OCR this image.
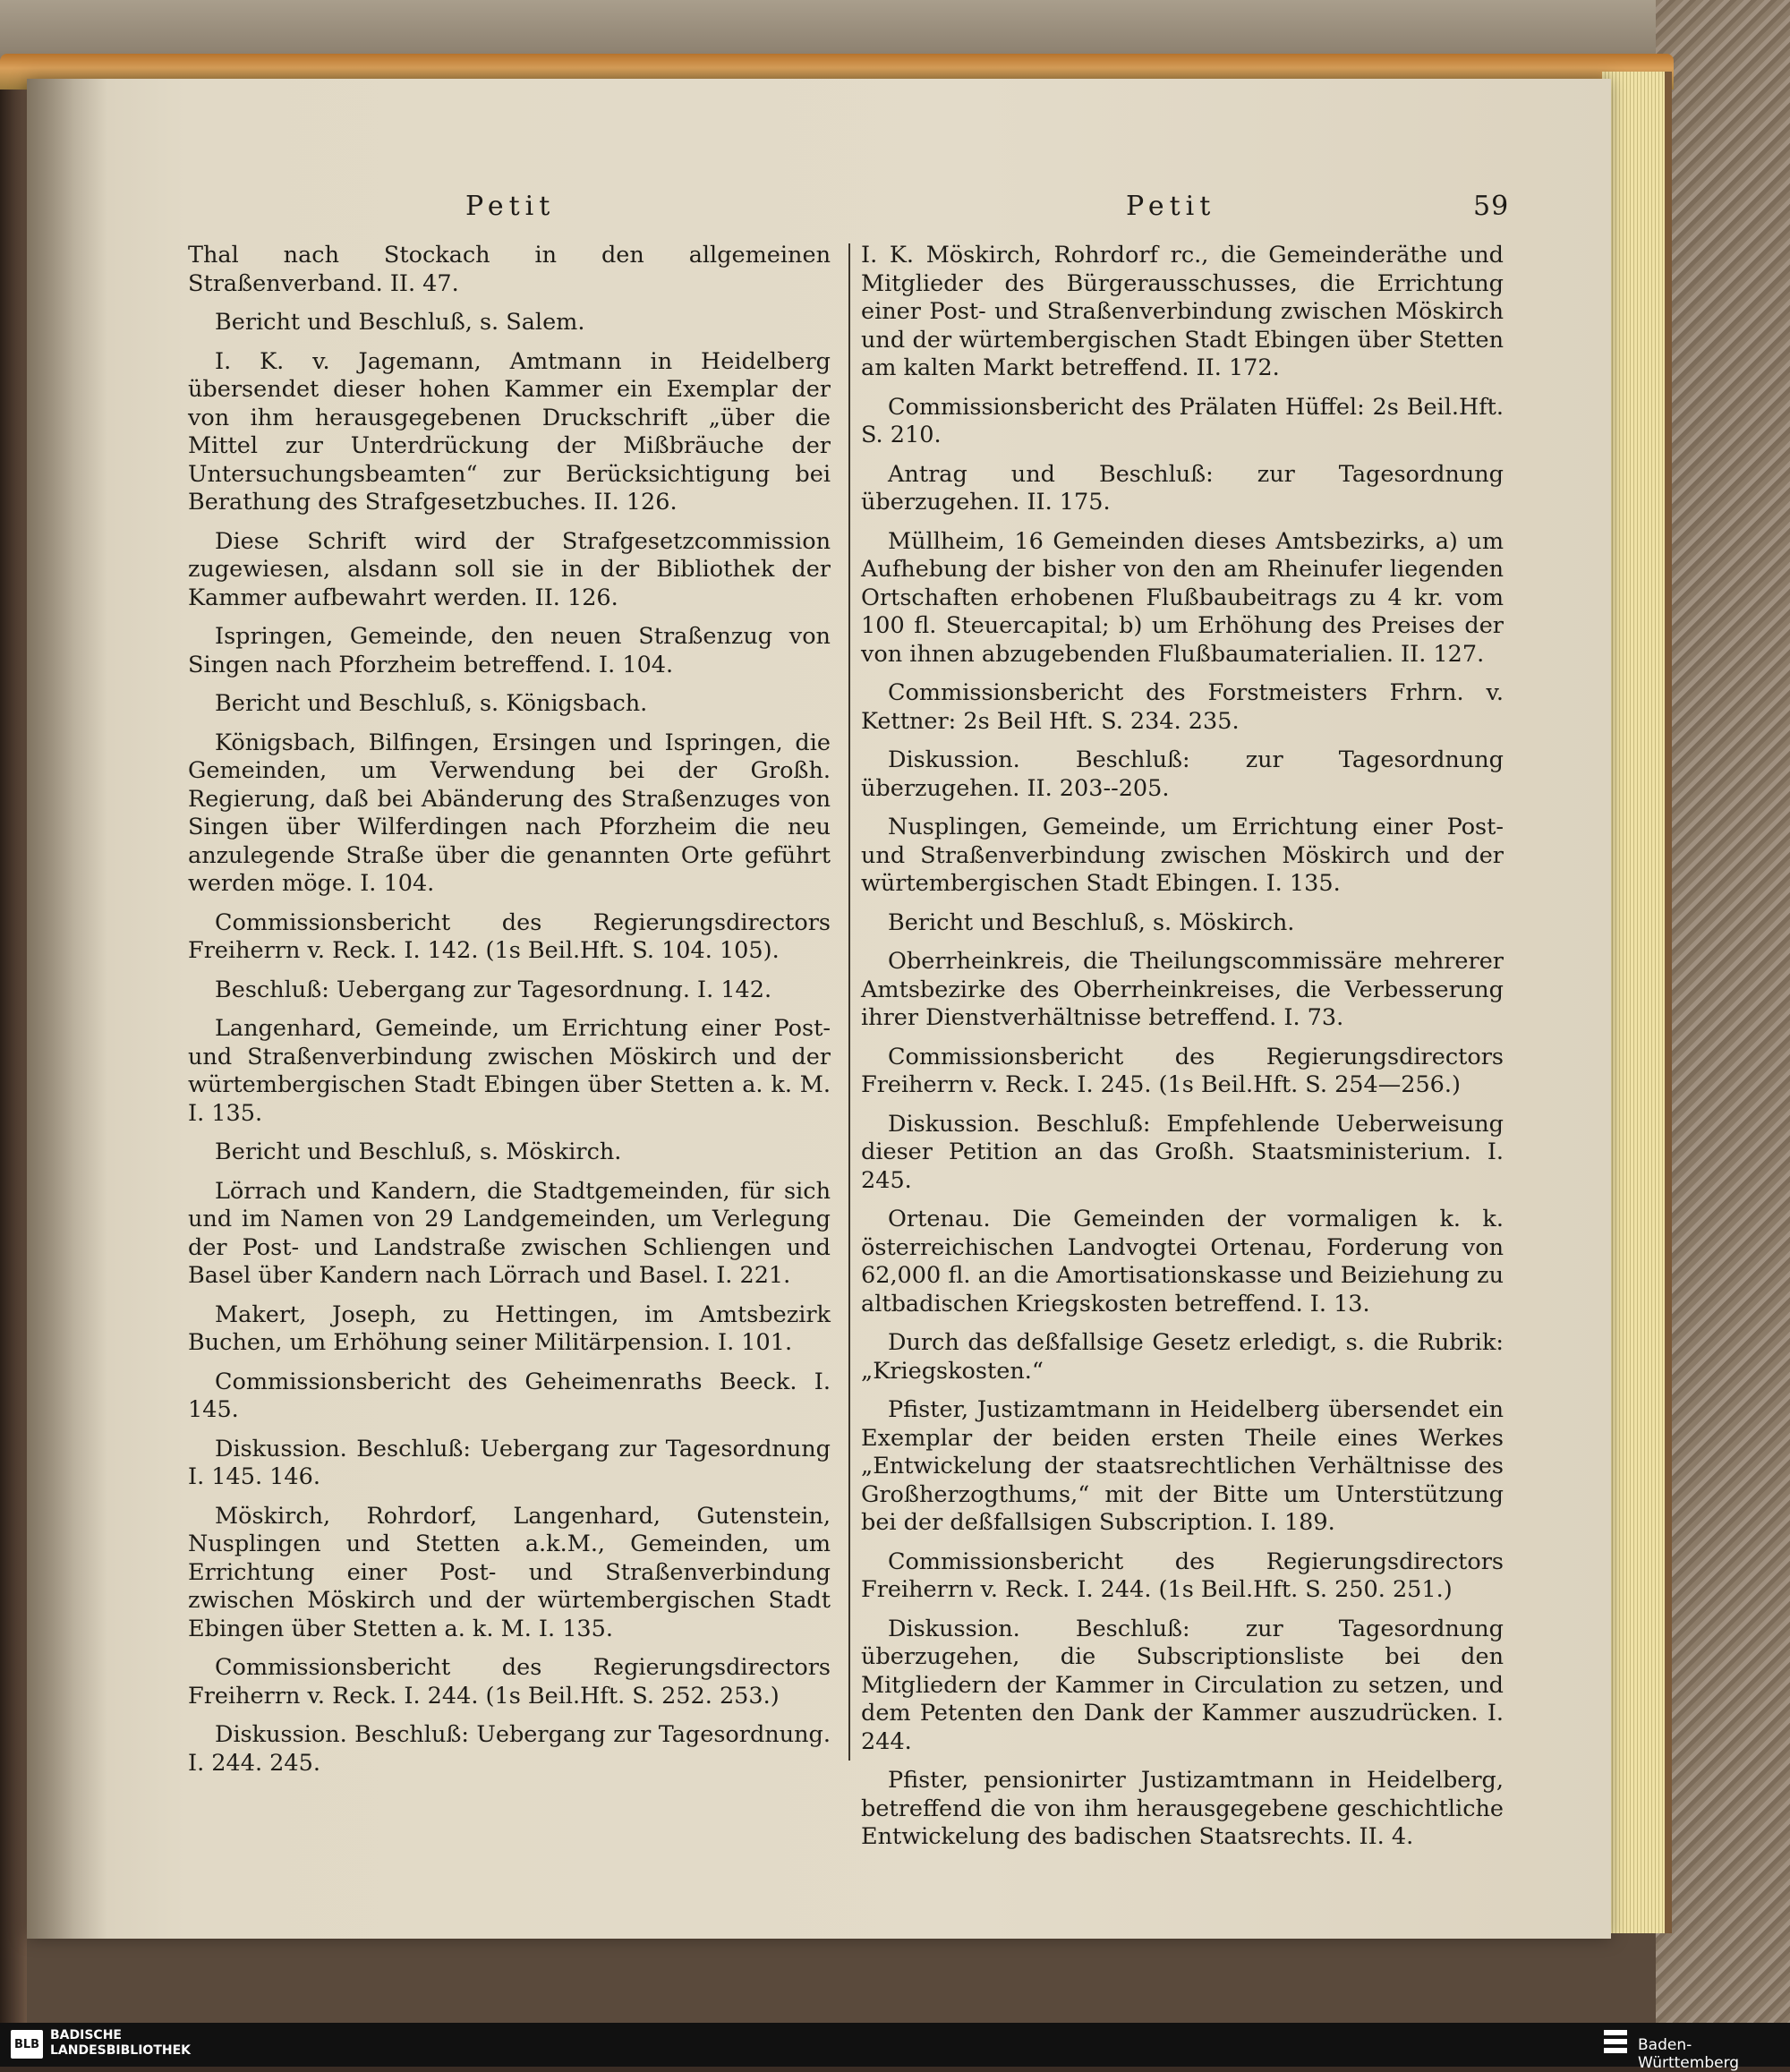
Petit	Petit	59

Thal nach Stockach in den allgemeinen Straßenverband. II. 47.

Bericht und Beschluß, s. Salem.

I. K. v. Jagemann, Amtmann in Heidelberg übersendet dieser hohen Kammer ein Exemplar der von ihm herausgegebenen Druckschrift „über die Mittel zur Unterdrückung der Mißbräuche der Untersuchungsbeamten“ zur Berücksichtigung bei Berathung des Strafgesetzbuches. II. 126.

Diese Schrift wird der Strafgesetzcommission zugewiesen, alsdann soll sie in der Bibliothek der Kammer aufbewahrt werden. II. 126.

Ispringen, Gemeinde, den neuen Straßenzug von Singen nach Pforzheim betreffend. I. 104.

Bericht und Beschluß, s. Königsbach.

Königsbach, Bilfingen, Ersingen und Ispringen, die Gemeinden, um Verwendung bei der Großh. Regierung, daß bei Abänderung des Straßenzuges von Singen über Wilferdingen nach Pforzheim die neu anzulegende Straße über die genannten Orte geführt werden möge. I. 104.

Commissionsbericht des Regierungsdirectors Freiherrn v. Reck. I. 142. (1s Beil.Hft. S. 104. 105).

Beschluß: Uebergang zur Tagesordnung. I. 142.

Langenhard, Gemeinde, um Errichtung einer Post- und Straßenverbindung zwischen Möskirch und der würtembergischen Stadt Ebingen über Stetten a. k. M. I. 135.

Bericht und Beschluß, s. Möskirch.

Lörrach und Kandern, die Stadtgemeinden, für sich und im Namen von 29 Landgemeinden, um Verlegung der Post- und Landstraße zwischen Schliengen und Basel über Kandern nach Lörrach und Basel. I. 221.

Makert, Joseph, zu Hettingen, im Amtsbezirk Buchen, um Erhöhung seiner Militärpension. I. 101.

Commissionsbericht des Geheimenraths Beeck. I. 145.

Diskussion. Beschluß: Uebergang zur Tagesordnung I. 145. 146.

Möskirch, Rohrdorf, Langenhard, Gutenstein, Nusplingen und Stetten a.k.M., Gemeinden, um Errichtung einer Post- und Straßenverbindung zwischen Möskirch und der würtembergischen Stadt Ebingen über Stetten a. k. M. I. 135.

Commissionsbericht des Regierungsdirectors Freiherrn v. Reck. I. 244. (1s Beil.Hft. S. 252. 253.)

Diskussion. Beschluß: Uebergang zur Tagesordnung. I. 244. 245.

I. K. Möskirch, Rohrdorf rc., die Gemeinderäthe und Mitglieder des Bürgerausschusses, die Errichtung einer Post- und Straßenverbindung zwischen Möskirch und der würtembergischen Stadt Ebingen über Stetten am kalten Markt betreffend. II. 172.

Commissionsbericht des Prälaten Hüffel: 2s Beil.Hft. S. 210.

Antrag und Beschluß: zur Tagesordnung überzugehen. II. 175.

Müllheim, 16 Gemeinden dieses Amtsbezirks, a) um Aufhebung der bisher von den am Rheinufer liegenden Ortschaften erhobenen Flußbaubeitrags zu 4 kr. vom 100 fl. Steuercapital; b) um Erhöhung des Preises der von ihnen abzugebenden Flußbaumaterialien. II. 127.

Commissionsbericht des Forstmeisters Frhrn. v. Kettner: 2s Beil Hft. S. 234. 235.

Diskussion. Beschluß: zur Tagesordnung überzugehen. II. 203--205.

Nusplingen, Gemeinde, um Errichtung einer Post- und Straßenverbindung zwischen Möskirch und der würtembergischen Stadt Ebingen. I. 135.

Bericht und Beschluß, s. Möskirch.

Oberrheinkreis, die Theilungscommissäre mehrerer Amtsbezirke des Oberrheinkreises, die Verbesserung ihrer Dienstverhältnisse betreffend. I. 73.

Commissionsbericht des Regierungsdirectors Freiherrn v. Reck. I. 245. (1s Beil.Hft. S. 254—256.)

Diskussion. Beschluß: Empfehlende Ueberweisung dieser Petition an das Großh. Staatsministerium. I. 245.

Ortenau. Die Gemeinden der vormaligen k. k. österreichischen Landvogtei Ortenau, Forderung von 62,000 fl. an die Amortisationskasse und Beiziehung zu altbadischen Kriegskosten betreffend. I. 13.

Durch das deßfallsige Gesetz erledigt, s. die Rubrik: „Kriegskosten.“

Pfister, Justizamtmann in Heidelberg übersendet ein Exemplar der beiden ersten Theile eines Werkes „Entwickelung der staatsrechtlichen Verhältnisse des Großherzogthums,“ mit der Bitte um Unterstützung bei der deßfallsigen Subscription. I. 189.

Commissionsbericht des Regierungsdirectors Freiherrn v. Reck. I. 244. (1s Beil.Hft. S. 250. 251.)

Diskussion. Beschluß: zur Tagesordnung überzugehen, die Subscriptionsliste bei den Mitgliedern der Kammer in Circulation zu setzen, und dem Petenten den Dank der Kammer auszudrücken. I. 244.

Pfister, pensionirter Justizamtmann in Heidelberg, betreffend die von ihm herausgegebene geschichtliche Entwickelung des badischen Staatsrechts. II. 4.

BLB
BADISCHE
LANDESBIBLIOTHEK	Baden-Württemberg
